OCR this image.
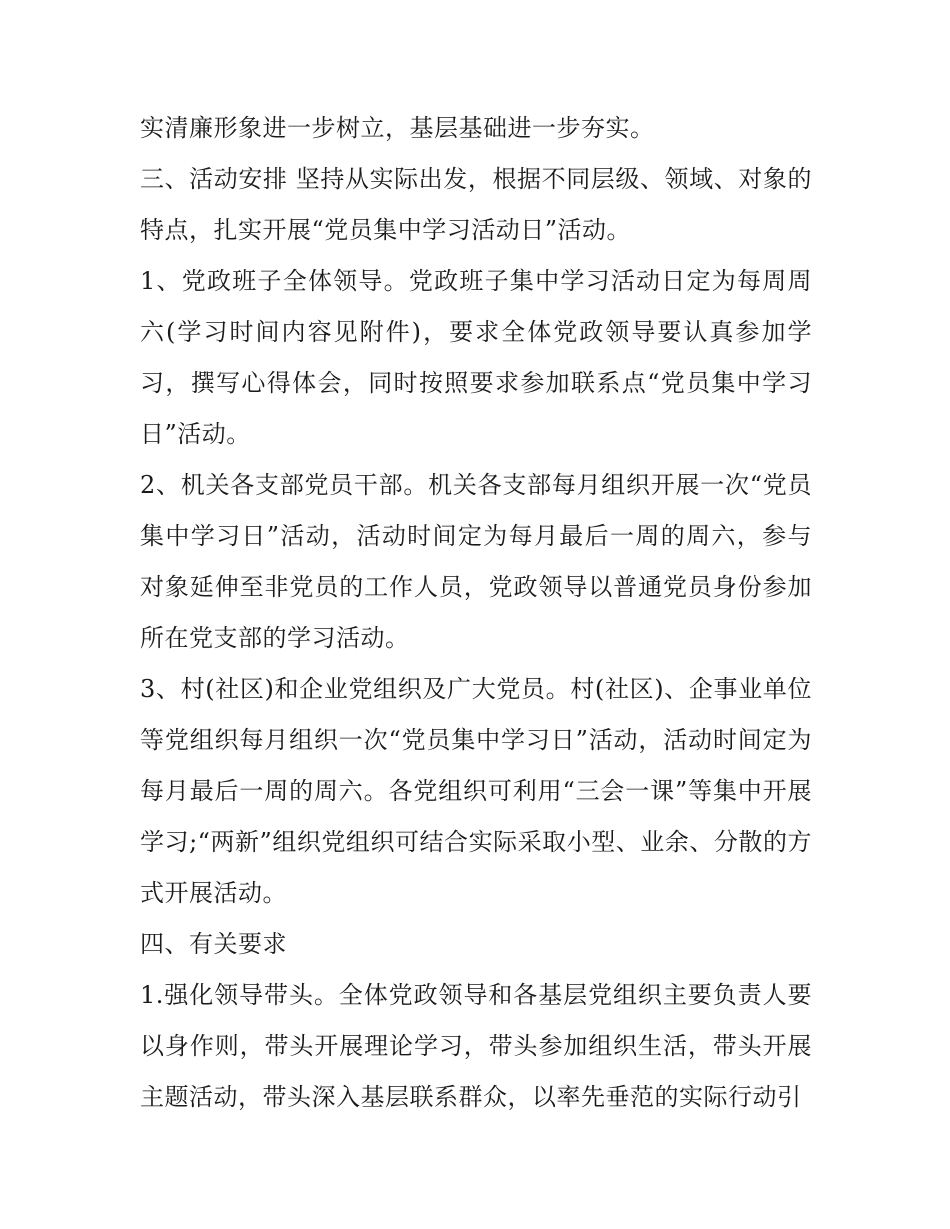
实清廉形象进一步树立，基层基础进一步夯实。

三、活动安排 坚持从实际出发，根据不同层级、领域、对象的特点，扎实开展“党员集中学习活动日”活动。

1、党政班子全体领导。党政班子集中学习活动日定为每周周六(学习时间内容见附件)，要求全体党政领导要认真参加学习，撰写心得体会，同时按照要求参加联系点“党员集中学习日”活动。

2、机关各支部党员干部。机关各支部每月组织开展一次“党员集中学习日”活动，活动时间定为每月最后一周的周六，参与对象延伸至非党员的工作人员，党政领导以普通党员身份参加所在党支部的学习活动。

3、村(社区)和企业党组织及广大党员。村(社区)、企事业单位等党组织每月组织一次“党员集中学习日”活动，活动时间定为每月最后一周的周六。各党组织可利用“三会一课”等集中开展学习;“两新”组织党组织可结合实际采取小型、业余、分散的方式开展活动。

四、有关要求

1.强化领导带头。全体党政领导和各基层党组织主要负责人要以身作则，带头开展理论学习，带头参加组织生活，带头开展主题活动，带头深入基层联系群众，以率先垂范的实际行动引
